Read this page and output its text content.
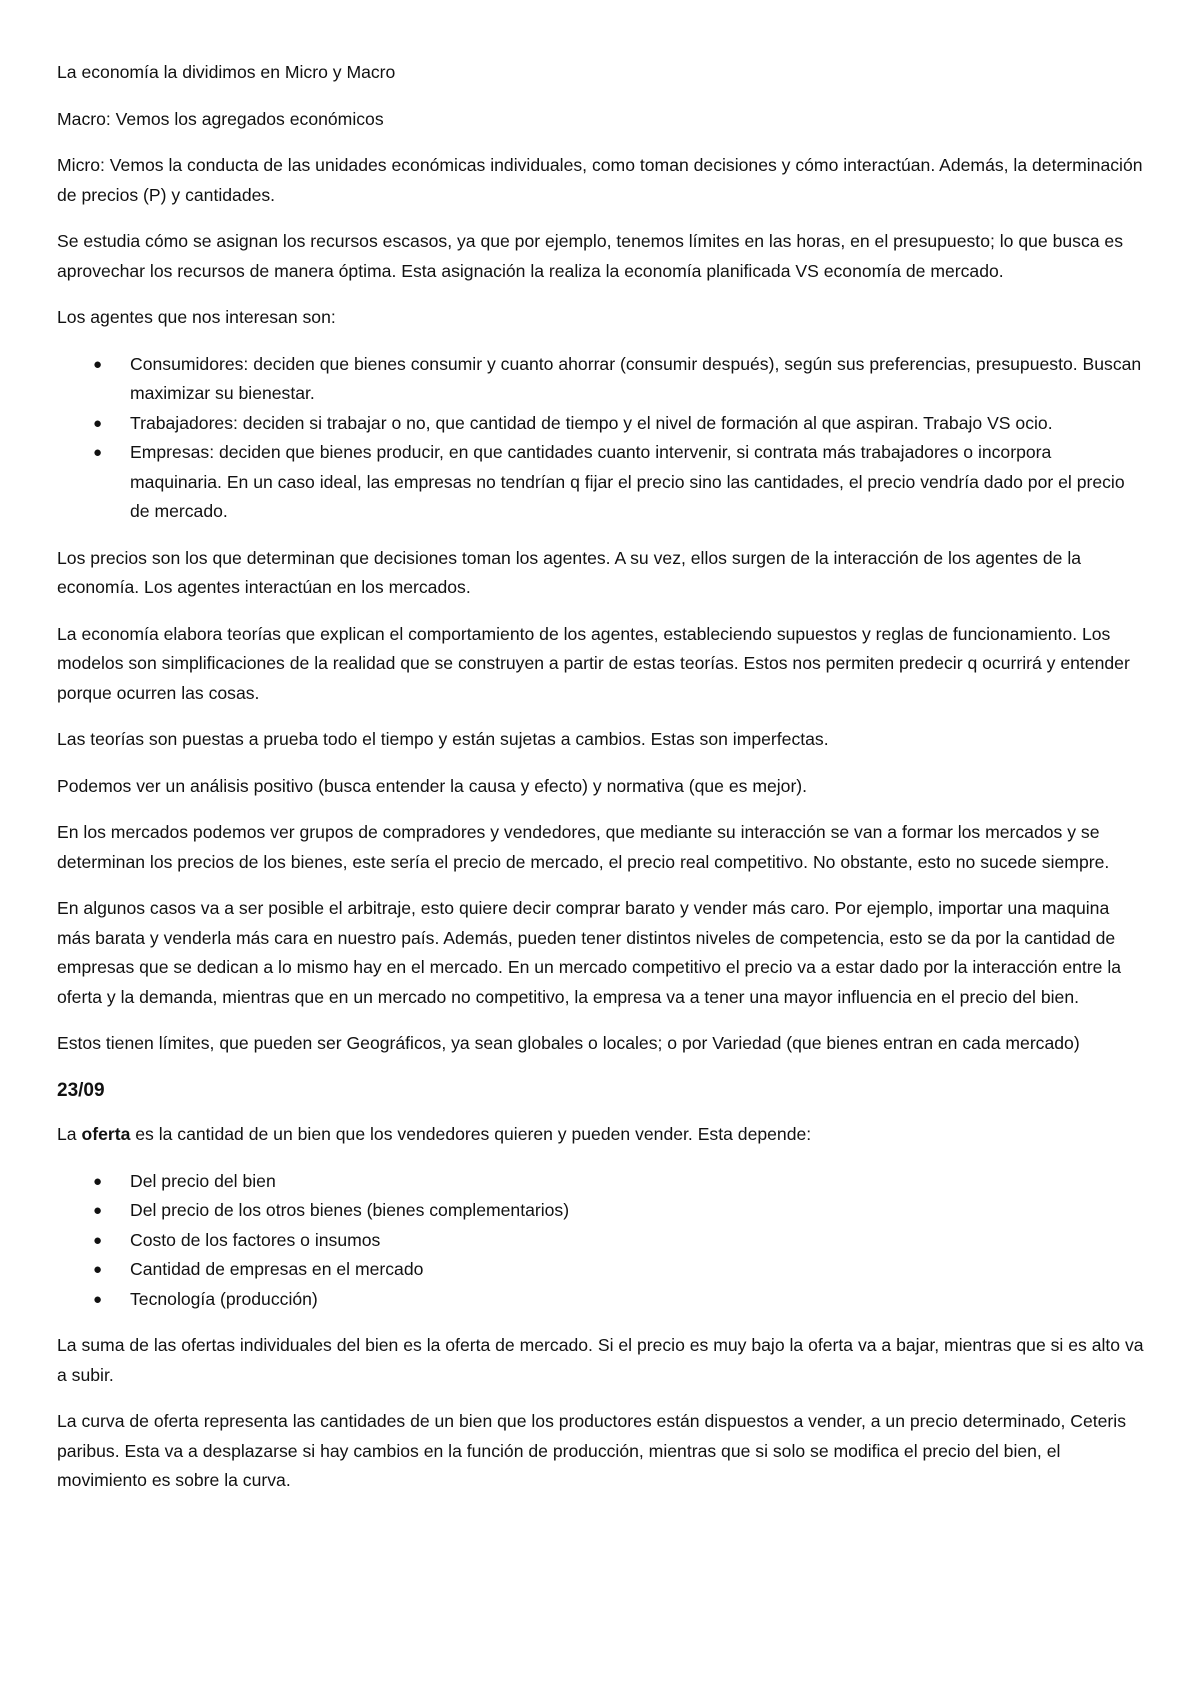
La economía la dividimos en Micro y Macro

Macro: Vemos los agregados económicos

Micro: Vemos la conducta de las unidades económicas individuales, como toman decisiones y cómo interactúan. Además, la determinación de precios (P) y cantidades.

Se estudia cómo se asignan los recursos escasos, ya que por ejemplo, tenemos límites en las horas, en el presupuesto; lo que busca es aprovechar los recursos de manera óptima. Esta asignación la realiza la economía planificada VS economía de mercado.

Los agentes que nos interesan son:

●
Consumidores: deciden que bienes consumir y cuanto ahorrar (consumir después), según sus preferencias, presupuesto. Buscan maximizar su bienestar.
●
Trabajadores: deciden si trabajar o no, que cantidad de tiempo y el nivel de formación al que aspiran. Trabajo VS ocio.
●
Empresas: deciden que bienes producir, en que cantidades cuanto intervenir, si contrata más trabajadores o incorpora maquinaria. En un caso ideal, las empresas no tendrían q fijar el precio sino las cantidades, el precio vendría dado por el precio de mercado.

Los precios son los que determinan que decisiones toman los agentes. A su vez, ellos surgen de la interacción de los agentes de la economía. Los agentes interactúan en los mercados.

La economía elabora teorías que explican el comportamiento de los agentes, estableciendo supuestos y reglas de funcionamiento. Los modelos son simplificaciones de la realidad que se construyen a partir de estas teorías. Estos nos permiten predecir q ocurrirá y entender porque ocurren las cosas.

Las teorías son puestas a prueba todo el tiempo y están sujetas a cambios. Estas son imperfectas.

Podemos ver un análisis positivo (busca entender la causa y efecto) y normativa (que es mejor).

En los mercados podemos ver grupos de compradores y vendedores, que mediante su interacción se van a formar los mercados y se determinan los precios de los bienes, este sería el precio de mercado, el precio real competitivo. No obstante, esto no sucede siempre.

En algunos casos va a ser posible el arbitraje, esto quiere decir comprar barato y vender más caro. Por ejemplo, importar una maquina más barata y venderla más cara en nuestro país. Además, pueden tener distintos niveles de competencia, esto se da por la cantidad de empresas que se dedican a lo mismo hay en el mercado. En un mercado competitivo el precio va a estar dado por la interacción entre la oferta y la demanda, mientras que en un mercado no competitivo, la empresa va a tener una mayor influencia en el precio del bien.

Estos tienen límites, que pueden ser Geográficos, ya sean globales o locales; o por Variedad (que bienes entran en cada mercado)

23/09

La oferta es la cantidad de un bien que los vendedores quieren y pueden vender. Esta depende:

●
Del precio del bien
●
Del precio de los otros bienes (bienes complementarios)
●
Costo de los factores o insumos
●
Cantidad de empresas en el mercado
●
Tecnología (producción)

La suma de las ofertas individuales del bien es la oferta de mercado. Si el precio es muy bajo la oferta va a bajar, mientras que si es alto va a subir.

La curva de oferta representa las cantidades de un bien que los productores están dispuestos a vender, a un precio determinado, Ceteris paribus. Esta va a desplazarse si hay cambios en la función de producción, mientras que si solo se modifica el precio del bien, el movimiento es sobre la curva.
